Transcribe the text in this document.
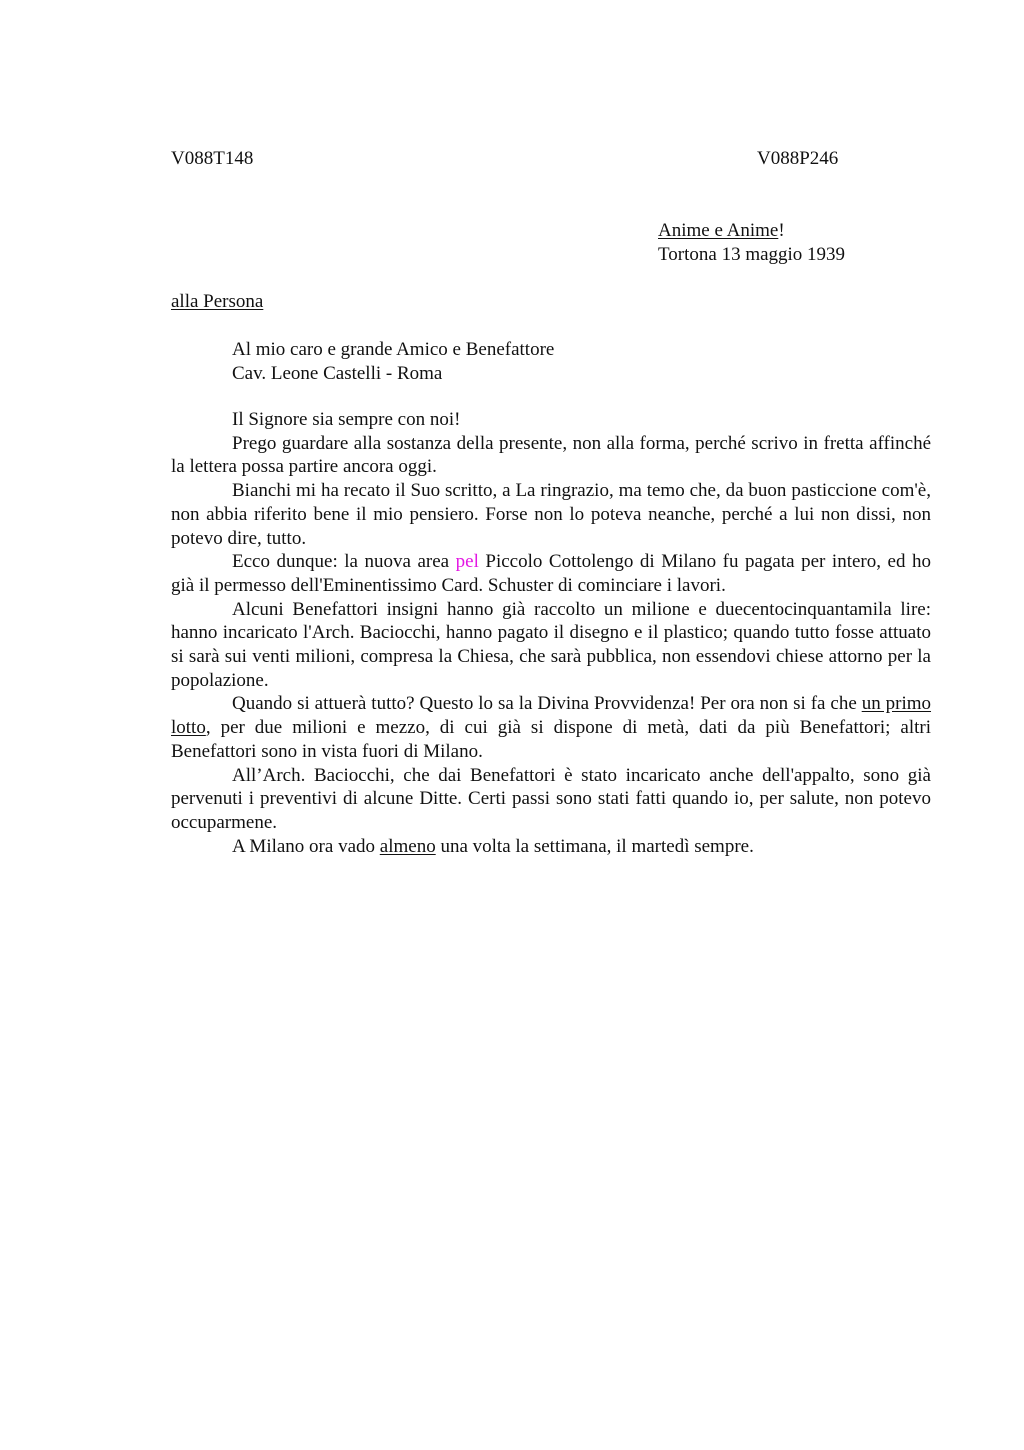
V088T148	V088P246
Anime e Anime!
Tortona 13 maggio 1939
alla Persona
Al mio caro e grande Amico e Benefattore
Cav. Leone Castelli - Roma

Il Signore sia sempre con noi!

Prego guardare alla sostanza della presente, non alla forma, perché scrivo in fretta affinché la lettera possa partire ancora oggi.

Bianchi mi ha recato il Suo scritto, a La ringrazio, ma temo che, da buon pasticcione com'è, non abbia riferito bene il mio pensiero. Forse non lo poteva neanche, perché a lui non dissi, non potevo dire, tutto.

Ecco dunque: la nuova area pel Piccolo Cottolengo di Milano fu pagata per intero, ed ho già il permesso dell'Eminentissimo Card. Schuster di cominciare i lavori.

Alcuni Benefattori insigni hanno già raccolto un milione e duecentocinquantamila lire: hanno incaricato l'Arch. Baciocchi, hanno pagato il disegno e il plastico; quando tutto fosse attuato si sarà sui venti milioni, compresa la Chiesa, che sarà pubblica, non essendovi chiese attorno per la popolazione.

Quando si attuerà tutto? Questo lo sa la Divina Provvidenza! Per ora non si fa che un primo lotto, per due milioni e mezzo, di cui già si dispone di metà, dati da più Benefattori; altri Benefattori sono in vista fuori di Milano.

All’Arch. Baciocchi, che dai Benefattori è stato incaricato anche dell'appalto, sono già pervenuti i preventivi di alcune Ditte. Certi passi sono stati fatti quando io, per salute, non potevo occuparmene.

A Milano ora vado almeno una volta la settimana, il martedì sempre.
